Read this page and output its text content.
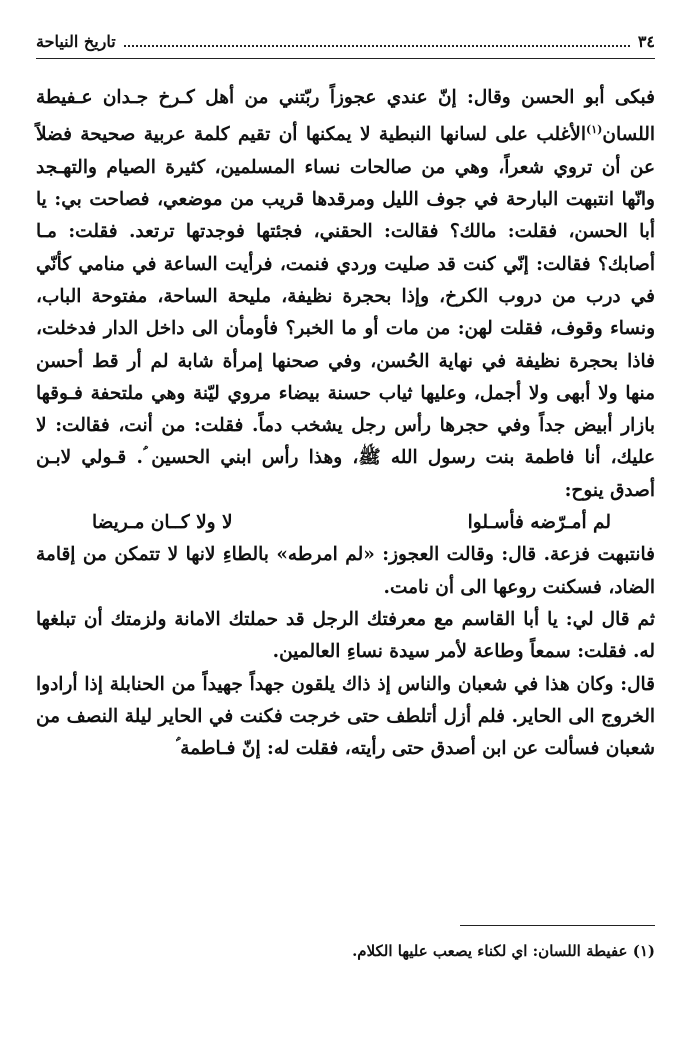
٣٤
تاريخ النياحة

فبكى أبو الحسن وقال: إنّ عندي عجوزاً ربّتني من أهل كـرخ جـدان عـفيطة اللسان$^{(١)}$الأغلب على لسانها النبطية لا يمكنها أن تقيم كلمة عربية صحيحة فضلاً عن أن تروي شعراً، وهي من صالحات نساء المسلمين، كثيرة الصيام والتهـجد وانّها انتبهت البارحة في جوف الليل ومرقدها قريب من موضعي، فصاحت بي: يا أبا الحسن، فقلت: مالك؟ فقالت: الحقني، فجئتها فوجدتها ترتعد. فقلت: مـا أصابك؟ فقالت: إنّي كنت قد صليت وردي فنمت، فرأيت الساعة في منامي كأنّي في درب من دروب الكرخ، وإذا بحجرة نظيفة، مليحة الساحة، مفتوحة الباب، ونساء وقوف، فقلت لهن: من مات أو ما الخبر؟ فأومأن الى داخل الدار فدخلت، فاذا بحجرة نظيفة في نهاية الحُسن، وفي صحنها إمرأة شابة لم أر قط أحسن منها ولا أبهى ولا أجمل، وعليها ثياب حسنة بيضاء مروي ليّنة وهي ملتحفة فـوقها بازار أبيض جداً وفي حجرها رأس رجل يشخب دماً. فقلت: من أنت، فقالت: لا عليك، أنا فاطمة بنت رسول الله ﷺ، وهذا رأس ابني الحسين ؑ. قـولي لابـن أصدق ينوح:

لم أمـرّضه فأسـلوا
لا ولا كــان مـريضا

فانتبهت فزعة. قال: وقالت العجوز: «لم امرطه» بالطاءِ لانها لا تتمكن من إقامة الضاد، فسكنت روعها الى أن نامت.

ثم قال لي: يا أبا القاسم مع معرفتك الرجل قد حملتك الامانة ولزمتك أن تبلغها له. فقلت: سمعاً وطاعة لأمر سيدة نساءِ العالمين.

قال: وكان هذا في شعبان والناس إذ ذاك يلقون جهداً جهيداً من الحنابلة إذا أرادوا الخروج الى الحاير. فلم أزل أتلطف حتى خرجت فكنت في الحاير ليلة النصف من شعبان فسألت عن ابن أصدق حتى رأيته، فقلت له: إنّ فـاطمة ؑ

(١) عفيطة اللسان: اي لكناء يصعب عليها الكلام.
